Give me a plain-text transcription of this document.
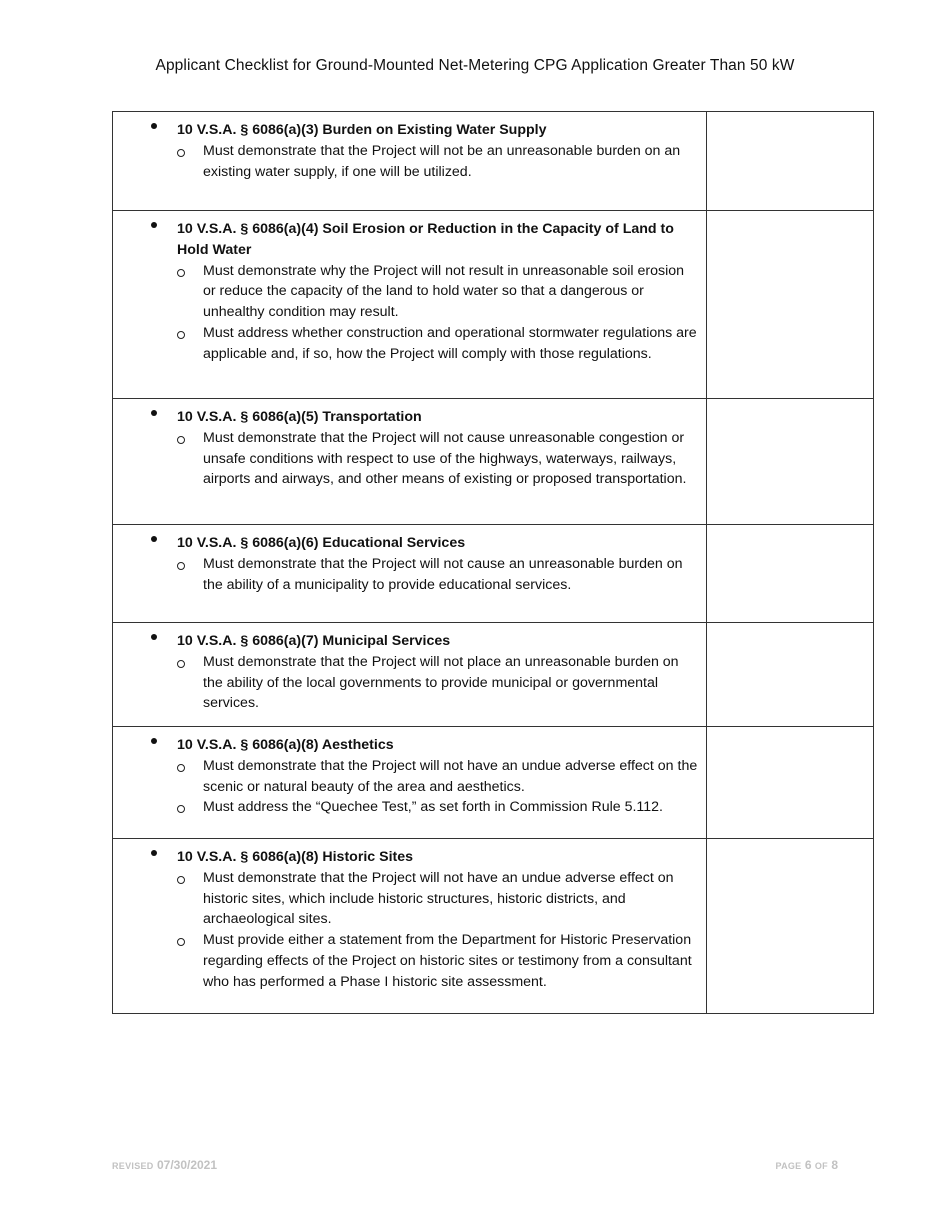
Applicant Checklist for Ground-Mounted Net-Metering CPG Application Greater Than 50 kW
10 V.S.A. § 6086(a)(3) Burden on Existing Water Supply
Must demonstrate that the Project will not be an unreasonable burden on an existing water supply, if one will be utilized.	

10 V.S.A. § 6086(a)(4) Soil Erosion or Reduction in the Capacity of Land to Hold Water
Must demonstrate why the Project will not result in unreasonable soil erosion or reduce the capacity of the land to hold water so that a dangerous or unhealthy condition may result.
Must address whether construction and operational stormwater regulations are applicable and, if so, how the Project will comply with those regulations.	

10 V.S.A. § 6086(a)(5) Transportation
Must demonstrate that the Project will not cause unreasonable congestion or unsafe conditions with respect to use of the highways, waterways, railways, airports and airways, and other means of existing or proposed transportation.	

10 V.S.A. § 6086(a)(6) Educational Services
Must demonstrate that the Project will not cause an unreasonable burden on the ability of a municipality to provide educational services.	

10 V.S.A. § 6086(a)(7) Municipal Services
Must demonstrate that the Project will not place an unreasonable burden on the ability of the local governments to provide municipal or governmental services.	

10 V.S.A. § 6086(a)(8) Aesthetics
Must demonstrate that the Project will not have an undue adverse effect on the scenic or natural beauty of the area and aesthetics.
Must address the “Quechee Test,” as set forth in Commission Rule 5.112.	

10 V.S.A. § 6086(a)(8) Historic Sites
Must demonstrate that the Project will not have an undue adverse effect on historic sites, which include historic structures, historic districts, and archaeological sites.
Must provide either a statement from the Department for Historic Preservation regarding effects of the Project on historic sites or testimony from a consultant who has performed a Phase I historic site assessment.	

REVISED 07/30/2021	PAGE 6 OF 8
